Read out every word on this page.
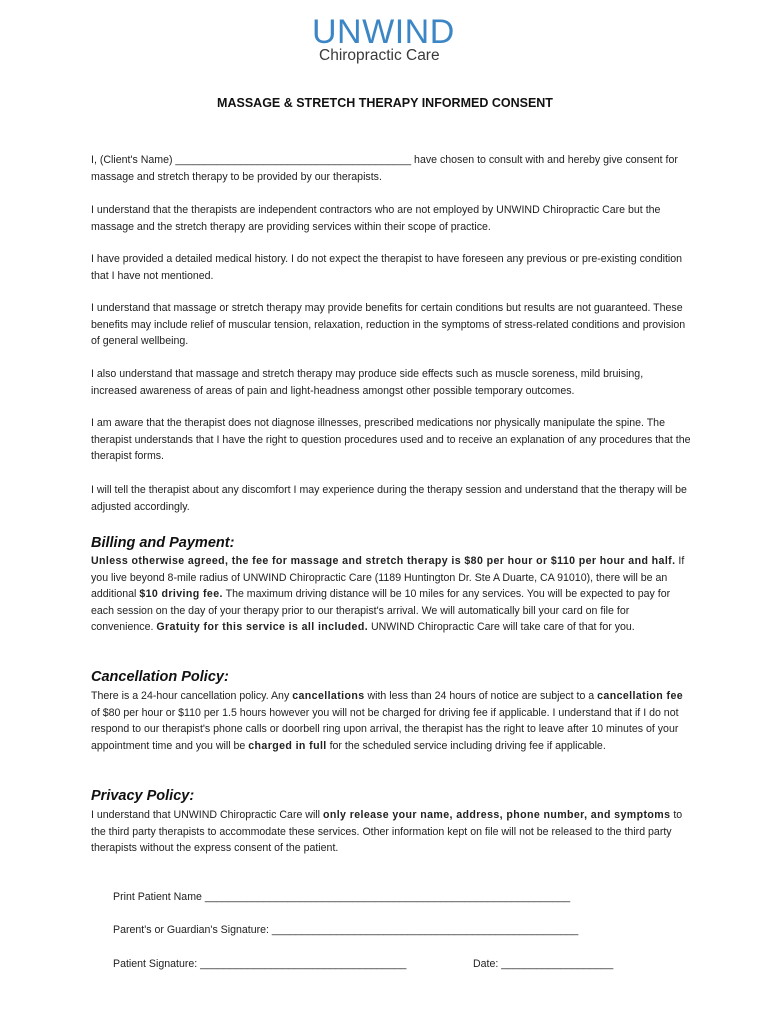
UNWIND
Chiropractic Care
MASSAGE & STRETCH THERAPY INFORMED CONSENT

I, (Client's Name) ________________________________________ have chosen to consult with and hereby give consent for massage and stretch therapy to be provided by our therapists.

I understand that the therapists are independent contractors who are not employed by UNWIND Chiropractic Care but the massage and the stretch therapy are providing services within their scope of practice.

I have provided a detailed medical history. I do not expect the therapist to have foreseen any previous or pre-existing condition that I have not mentioned.

I understand that massage or stretch therapy may provide benefits for certain conditions but results are not guaranteed. These benefits may include relief of muscular tension, relaxation, reduction in the symptoms of stress-related conditions and provision of general wellbeing.

I also understand that massage and stretch therapy may produce side effects such as muscle soreness, mild bruising, increased awareness of areas of pain and light-headness amongst other possible temporary outcomes.

I am aware that the therapist does not diagnose illnesses, prescribed medications nor physically manipulate the spine. The therapist understands that I have the right to question procedures used and to receive an explanation of any procedures that the therapist forms.

I will tell the therapist about any discomfort I may experience during the therapy session and understand that the therapy will be adjusted accordingly.

Billing and Payment:

Unless otherwise agreed, the fee for massage and stretch therapy is $80 per hour or $110 per hour and half. If you live beyond 8-mile radius of UNWIND Chiropractic Care (1189 Huntington Dr. Ste A Duarte, CA 91010), there will be an additional $10 driving fee. The maximum driving distance will be 10 miles for any services. You will be expected to pay for each session on the day of your therapy prior to our therapist's arrival. We will automatically bill your card on file for convenience. Gratuity for this service is all included. UNWIND Chiropractic Care will take care of that for you.

Cancellation Policy:

There is a 24-hour cancellation policy. Any cancellations with less than 24 hours of notice are subject to a cancellation fee of $80 per hour or $110 per 1.5 hours however you will not be charged for driving fee if applicable. I understand that if I do not respond to our therapist's phone calls or doorbell ring upon arrival, the therapist has the right to leave after 10 minutes of your appointment time and you will be charged in full for the scheduled service including driving fee if applicable.

Privacy Policy:

I understand that UNWIND Chiropractic Care will only release your name, address, phone number, and symptoms to the third party therapists to accommodate these services. Other information kept on file will not be released to the third party therapists without the express consent of the patient.

Print Patient Name ______________________________________________________________
Parent's or Guardian's Signature: ____________________________________________________
Patient Signature: ___________________________________	Date: ___________________
